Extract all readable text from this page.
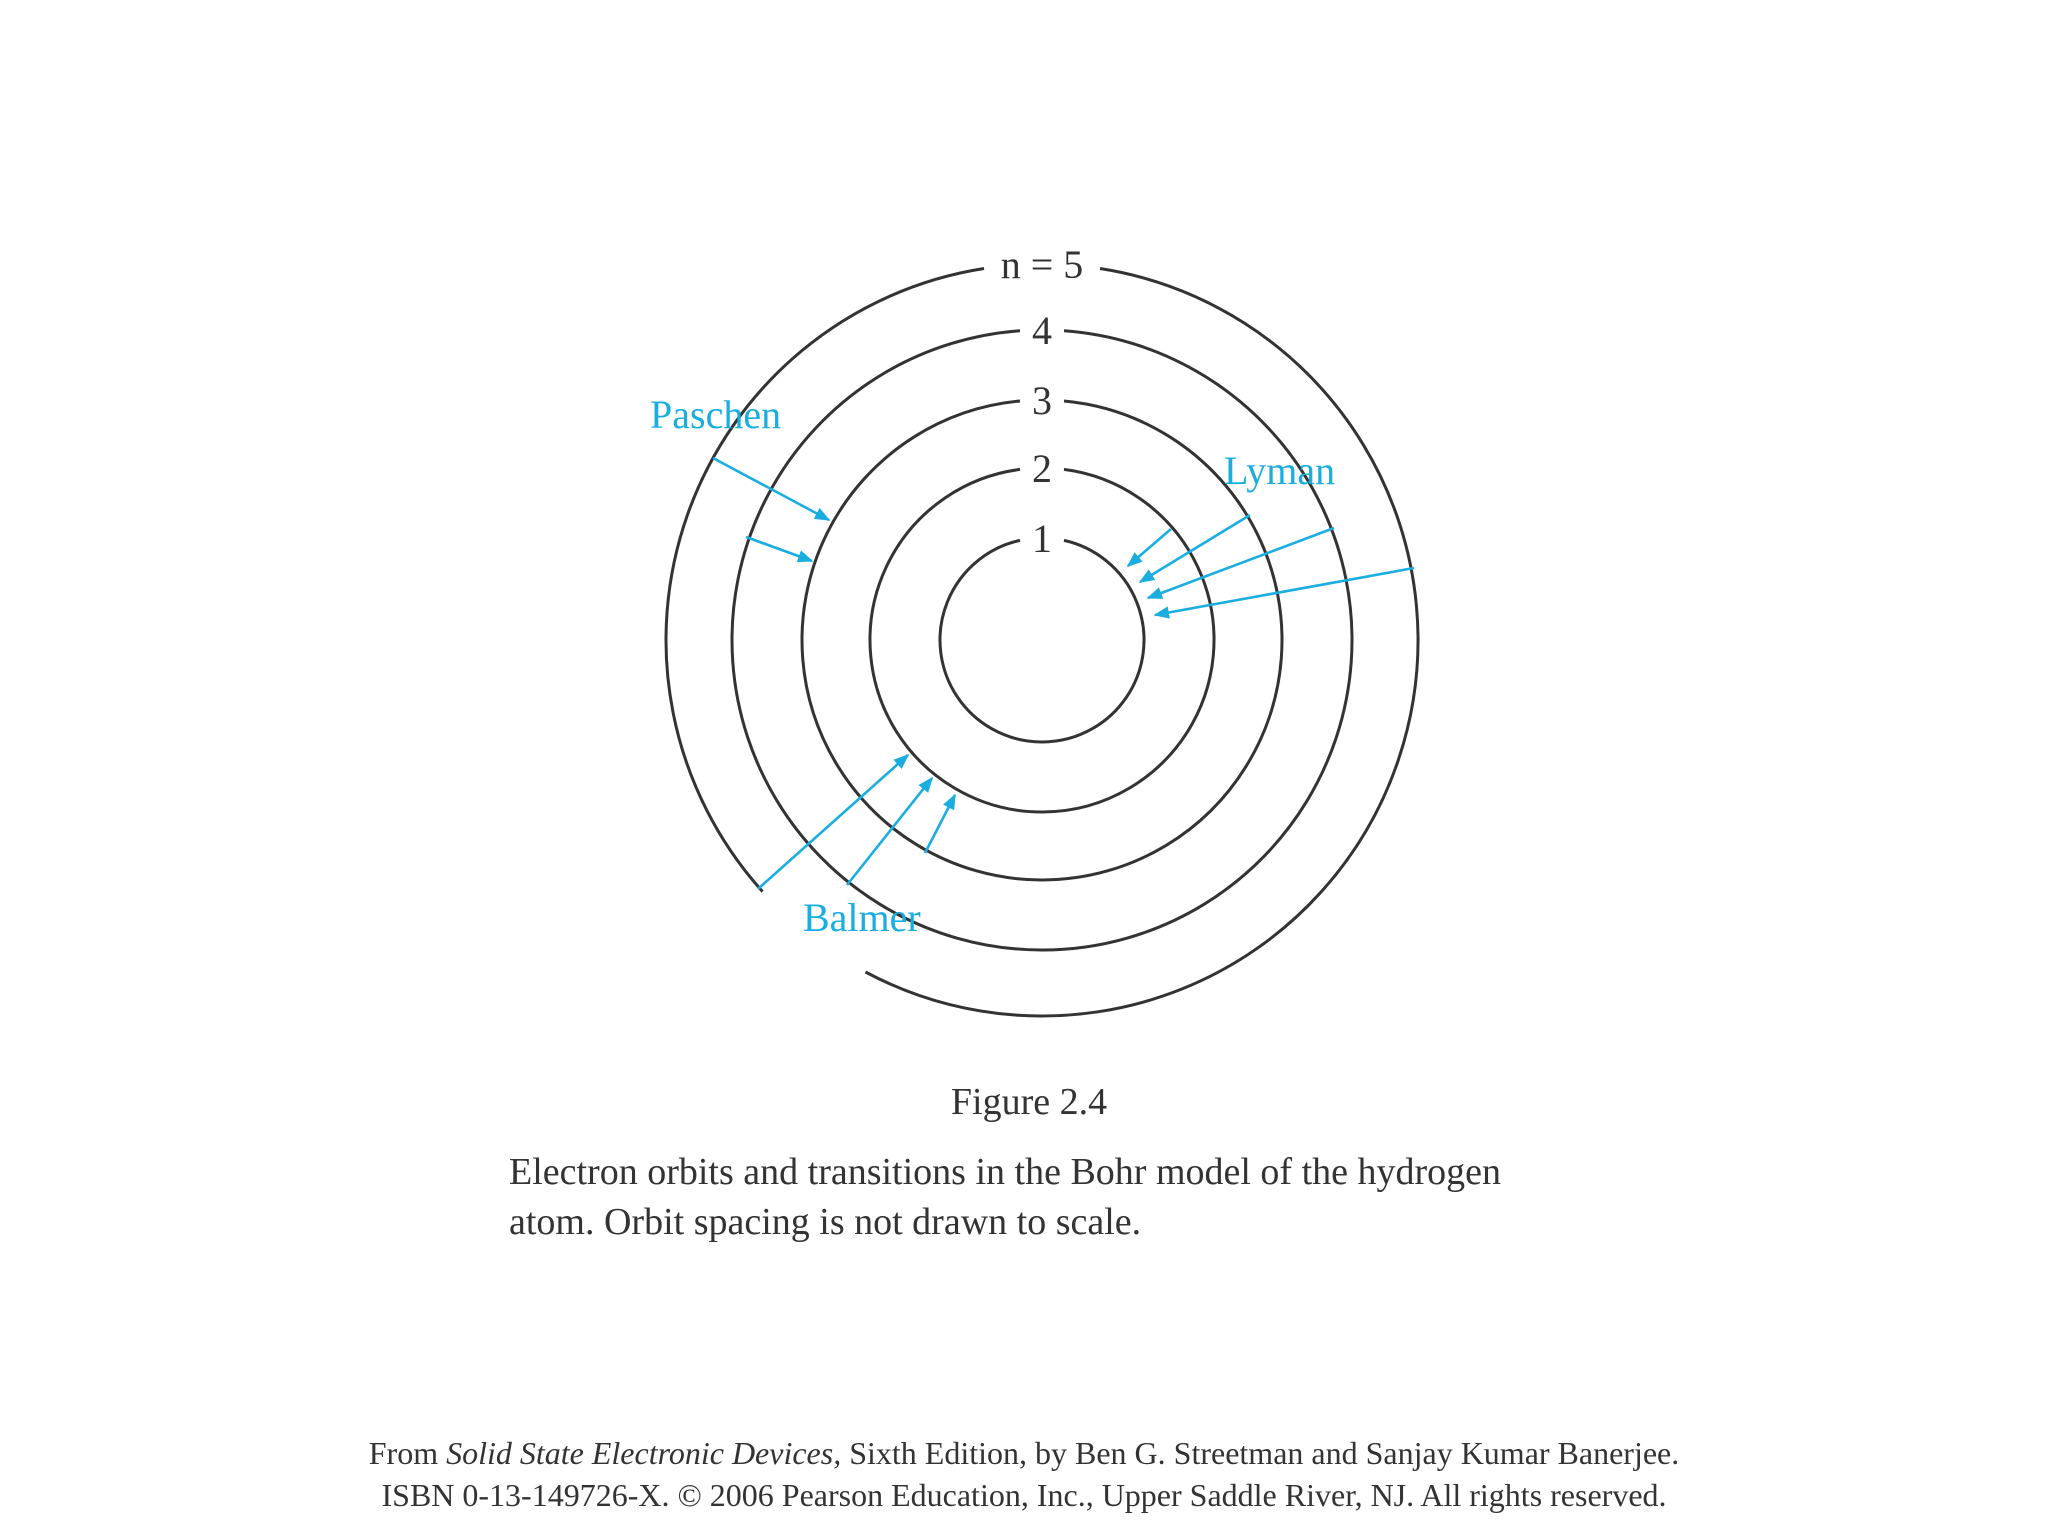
1
2
3
4
n = 5
Paschen
Lyman
Balmer
Figure 2.4
Electron orbits and transitions in the Bohr model of the hydrogen
atom. Orbit spacing is not drawn to scale.
From Solid State Electronic Devices, Sixth Edition, by Ben G. Streetman and Sanjay Kumar Banerjee.
ISBN 0-13-149726-X. © 2006 Pearson Education, Inc., Upper Saddle River, NJ. All rights reserved.
